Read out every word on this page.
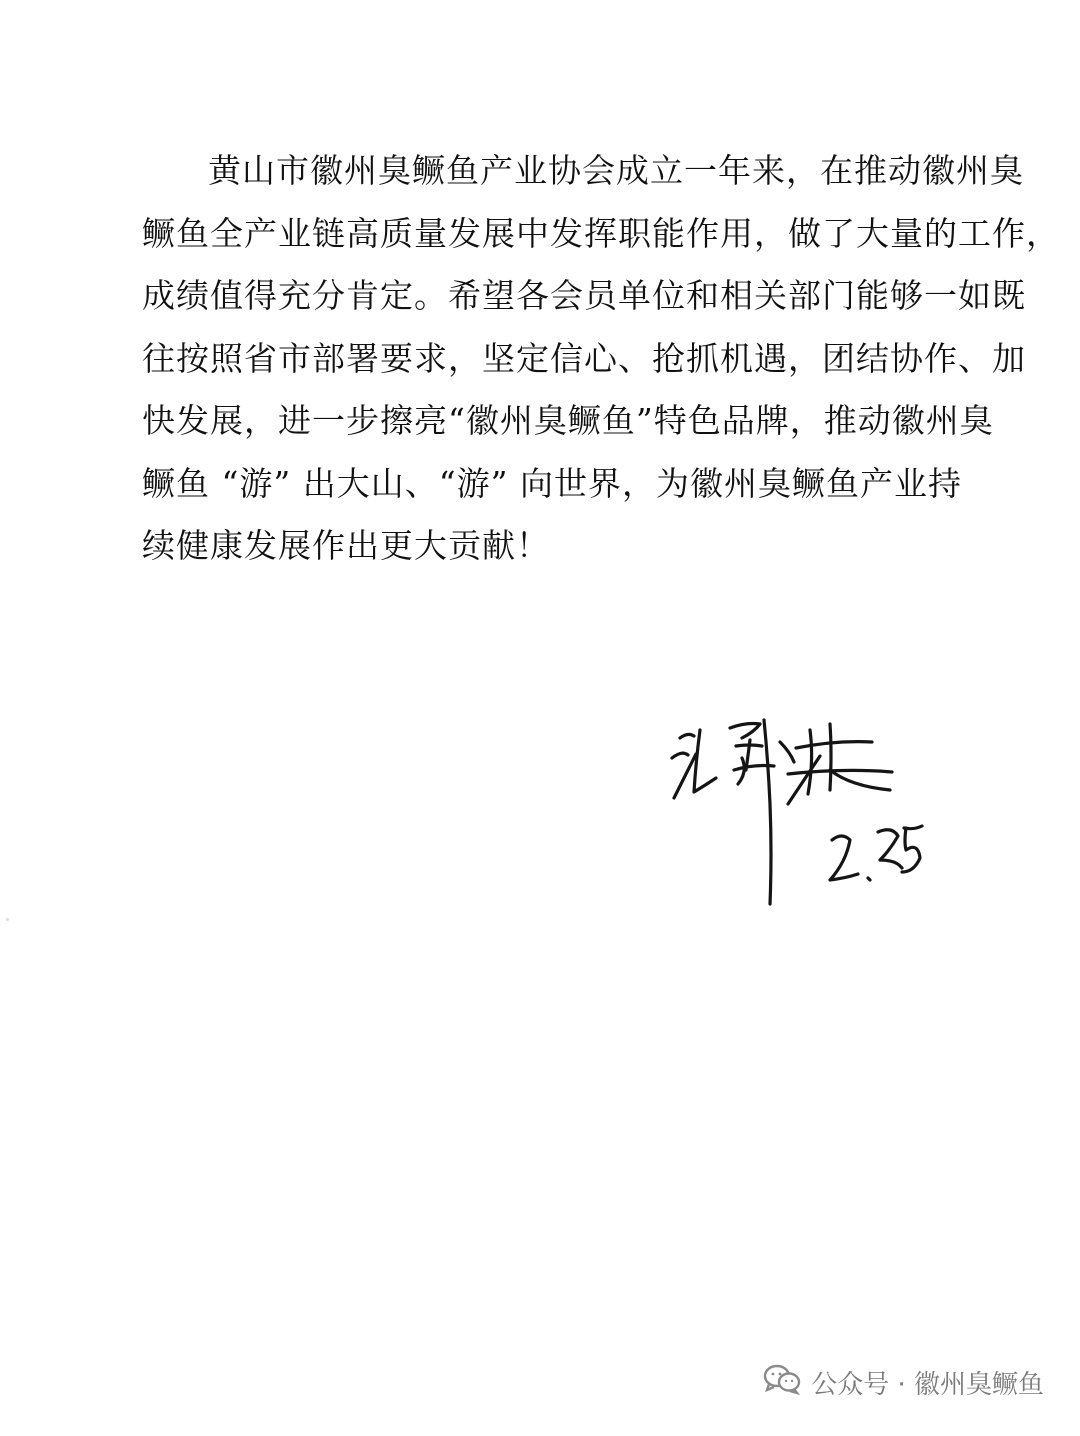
黄山市徽州臭鳜鱼产业协会成立一年来，在推动徽州臭
鳜鱼全产业链高质量发展中发挥职能作用，做了大量的工作，
成绩值得充分肯定。希望各会员单位和相关部门能够一如既
往按照省市部署要求，坚定信心、抢抓机遇，团结协作、加
快发展，进一步擦亮“徽州臭鳜鱼”特色品牌，推动徽州臭
鳜鱼 “游” 出大山、“游” 向世界，为徽州臭鳜鱼产业持
续健康发展作出更大贡献！
公众号 · 徽州臭鳜鱼
